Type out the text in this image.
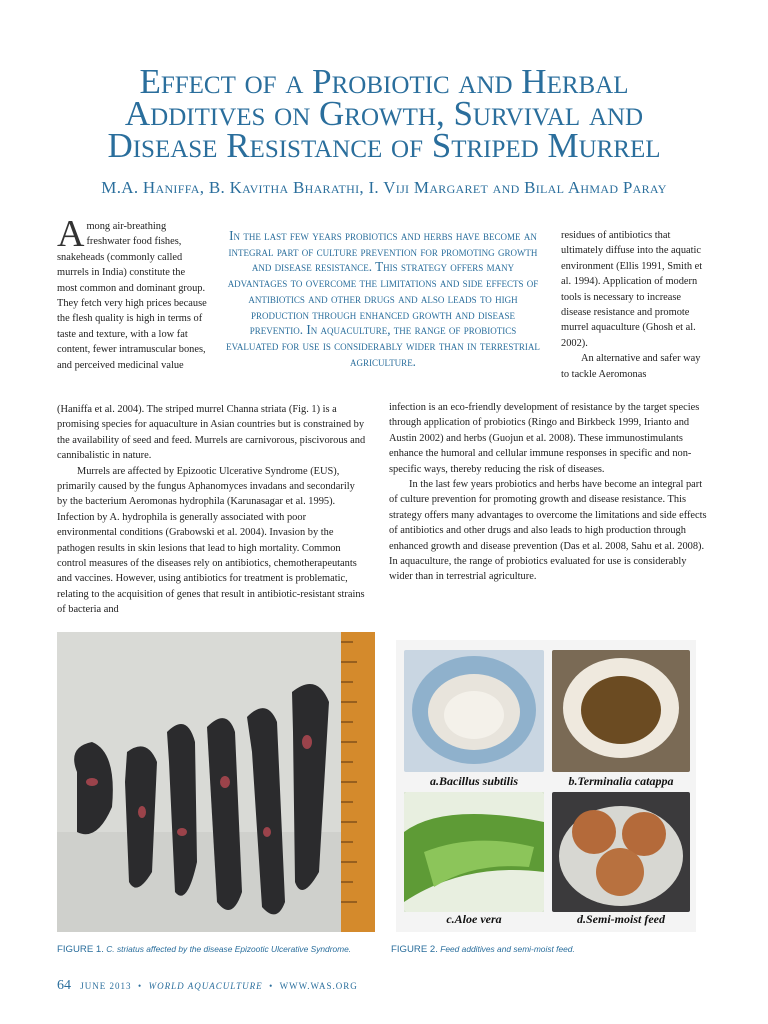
Effect of a Probiotic and Herbal
Additives on Growth, Survival and
Disease Resistance of Striped Murrel
M.A. Haniffa, B. Kavitha Bharathi, I. Viji Margaret and Bilal Ahmad Paray
A mong air-breathing freshwater food fishes, snakeheads (commonly called murrels in India) constitute the most common and dominant group. They fetch very high prices because the flesh quality is high in terms of taste and texture, with a low fat content, fewer intramuscular bones, and perceived medicinal value

(Haniffa et al. 2004). The striped murrel Channa striata (Fig. 1) is a promising species for aquaculture in Asian countries but is constrained by the availability of seed and feed. Murrels are carnivorous, piscivorous and cannibalistic in nature.

Murrels are affected by Epizootic Ulcerative Syndrome (EUS), primarily caused by the fungus Aphanomyces invadans and secondarily by the bacterium Aeromonas hydrophila (Karunasagar et al. 1995). Infection by A. hydrophila is generally associated with poor environmental conditions (Grabowski et al. 2004). Invasion by the pathogen results in skin lesions that lead to high mortality. Common control measures of the diseases rely on antibiotics, chemotherapeutants and vaccines. However, using antibiotics for treatment is problematic, relating to the acquisition of genes that result in antibiotic-resistant strains of bacteria and

In the last few years probiotics and herbs have become an integral part of culture prevention for promoting growth and disease resistance. This strategy offers many advantages to overcome the limitations and side effects of antibiotics and other drugs and also leads to high production through enhanced growth and disease preventio. In aquaculture, the range of probiotics evaluated for use is considerably wider than in terrestrial agriculture.

residues of antibiotics that ultimately diffuse into the aquatic environment (Ellis 1991, Smith et al. 1994). Application of modern tools is necessary to increase disease resistance and promote murrel aquaculture (Ghosh et al. 2002).

An alternative and safer way to tackle Aeromonas

infection is an eco-friendly development of resistance by the target species through application of probiotics (Ringo and Birkbeck 1999, Irianto and Austin 2002) and herbs (Guojun et al. 2008). These immunostimulants enhance the humoral and cellular immune responses in specific and non-specific ways, thereby reducing the risk of diseases.

In the last few years probiotics and herbs have become an integral part of culture prevention for promoting growth and disease resistance. This strategy offers many advantages to overcome the limitations and side effects of antibiotics and other drugs and also leads to high production through enhanced growth and disease prevention (Das et al. 2008, Sahu et al. 2008). In aquaculture, the range of probiotics evaluated for use is considerably wider than in terrestrial agriculture.

FIGURE 1. C. striatus affected by the disease Epizootic Ulcerative Syndrome.
a.Bacillus subtilis	b.Terminalia catappa
c.Aloe vera	d.Semi-moist feed
FIGURE 2. Feed additives and semi-moist feed.
64 JUNE 2013 • WORLD AQUACULTURE • WWW.WAS.ORG
